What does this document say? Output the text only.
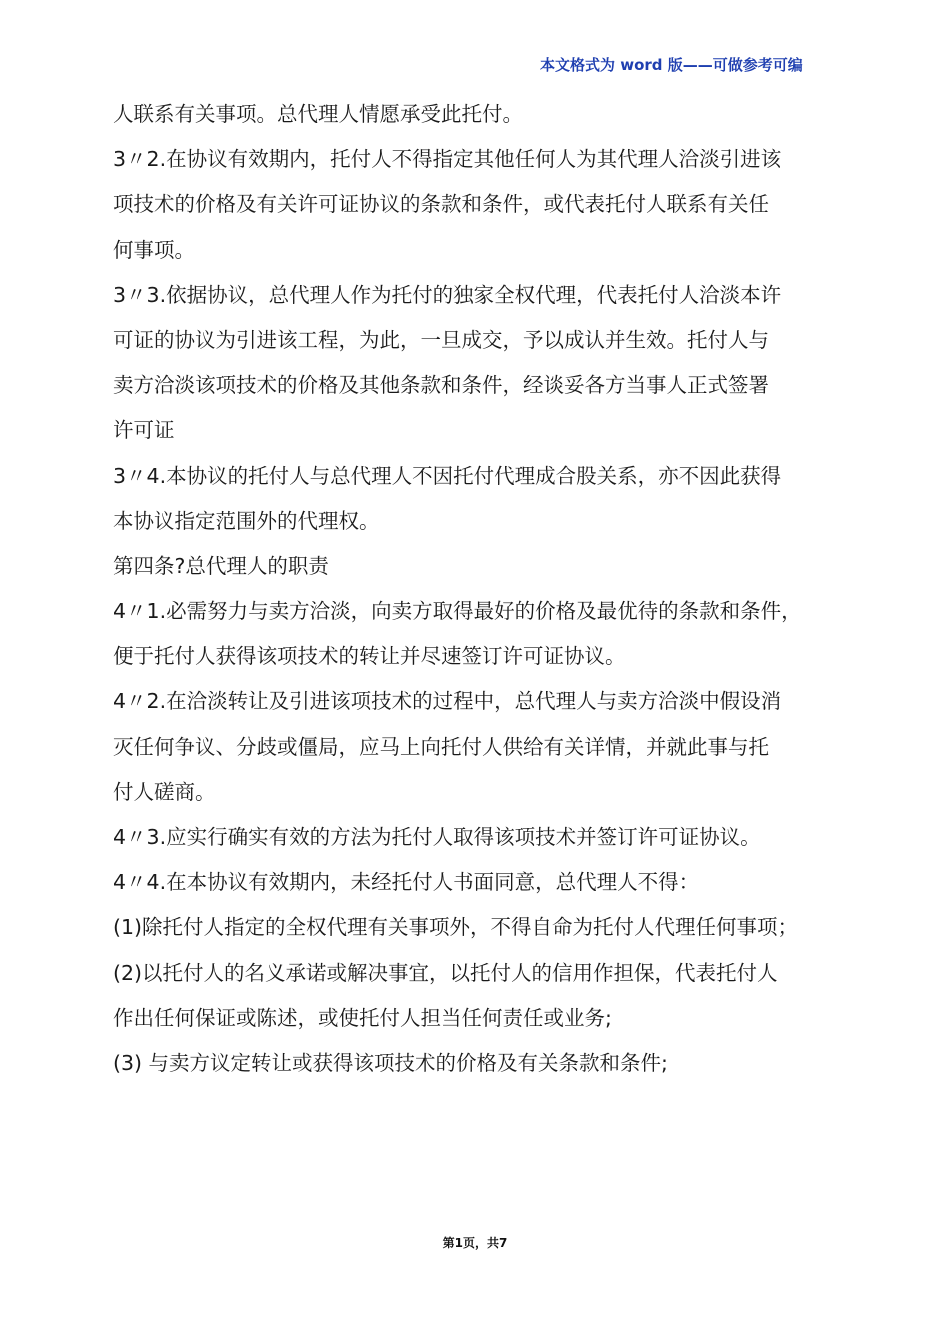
本文格式为 word 版——可做参考可编
人联系有关事项。总代理人情愿承受此托付。
3〃2.在协议有效期内，托付人不得指定其他任何人为其代理人洽淡引进该
项技术的价格及有关许可证协议的条款和条件，或代表托付人联系有关任
何事项。
3〃3.依据协议，总代理人作为托付的独家全权代理，代表托付人洽淡本许
可证的协议为引进该工程，为此，一旦成交，予以成认并生效。托付人与
卖方洽淡该项技术的价格及其他条款和条件，经谈妥各方当事人正式签署
许可证
3〃4.本协议的托付人与总代理人不因托付代理成合股关系，亦不因此获得
本协议指定范围外的代理权。
第四条?总代理人的职责
4〃1.必需努力与卖方洽淡，向卖方取得最好的价格及最优待的条款和条件，
便于托付人获得该项技术的转让并尽速签订许可证协议。
4〃2.在洽淡转让及引进该项技术的过程中，总代理人与卖方洽淡中假设消
灭任何争议、分歧或僵局，应马上向托付人供给有关详情，并就此事与托
付人磋商。
4〃3.应实行确实有效的方法为托付人取得该项技术并签订许可证协议。
4〃4.在本协议有效期内，未经托付人书面同意，总代理人不得：
(1)除托付人指定的全权代理有关事项外，不得自命为托付人代理任何事项；
(2)以托付人的名义承诺或解决事宜，以托付人的信用作担保，代表托付人
作出任何保证或陈述，或使托付人担当任何责任或业务;
(3) 与卖方议定转让或获得该项技术的价格及有关条款和条件;
第1页，共7
